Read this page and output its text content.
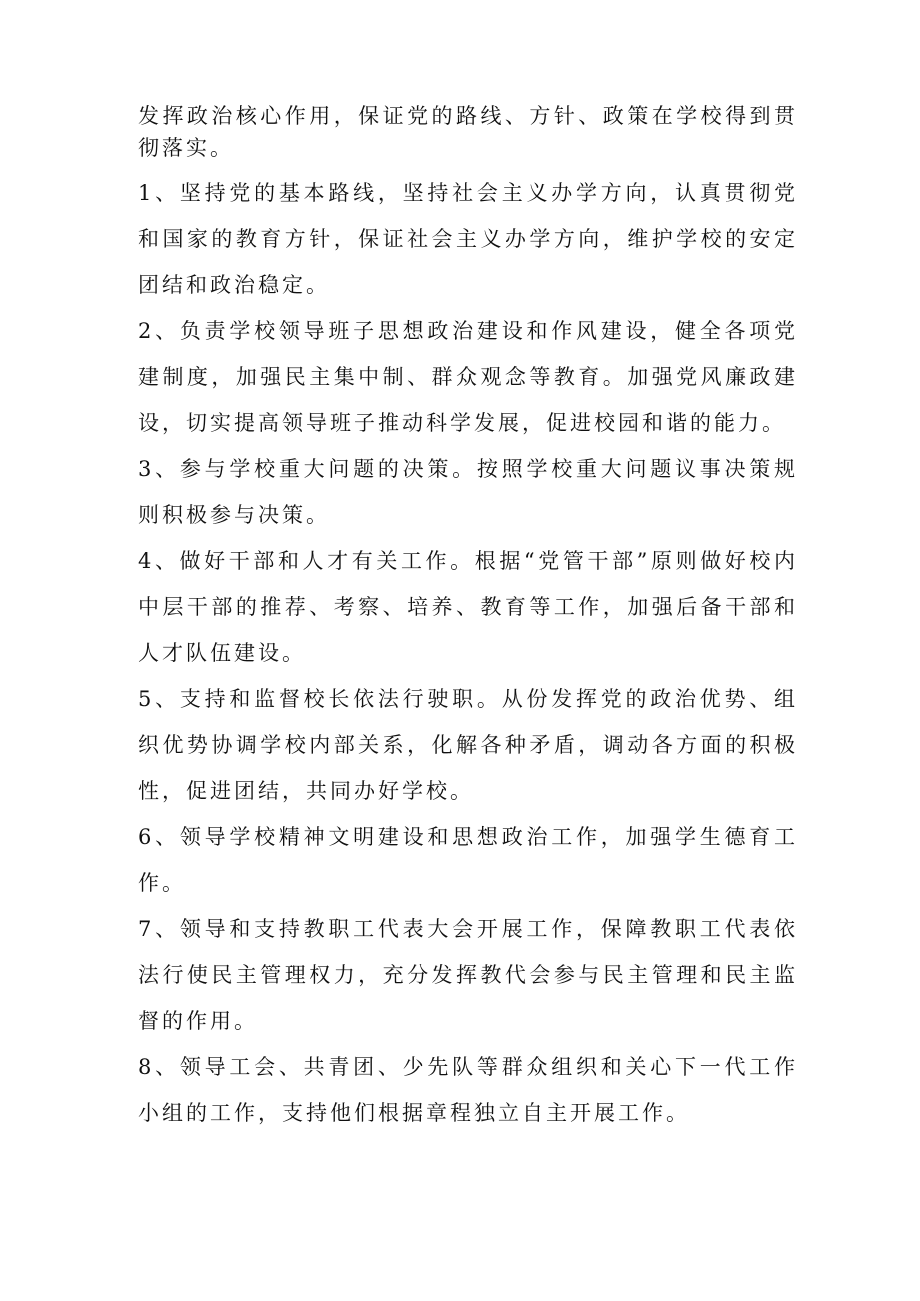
发挥政治核心作用，保证党的路线、方针、政策在学校得到贯彻落实。

1、坚持党的基本路线，坚持社会主义办学方向，认真贯彻党和国家的教育方针，保证社会主义办学方向，维护学校的安定团结和政治稳定。

2、负责学校领导班子思想政治建设和作风建设，健全各项党建制度，加强民主集中制、群众观念等教育。加强党风廉政建设，切实提高领导班子推动科学发展，促进校园和谐的能力。

3、参与学校重大问题的决策。按照学校重大问题议事决策规则积极参与决策。

4、做好干部和人才有关工作。根据“党管干部”原则做好校内中层干部的推荐、考察、培养、教育等工作，加强后备干部和人才队伍建设。

5、支持和监督校长依法行驶职。从份发挥党的政治优势、组织优势协调学校内部关系，化解各种矛盾，调动各方面的积极性，促进团结，共同办好学校。

6、领导学校精神文明建设和思想政治工作，加强学生德育工作。

7、领导和支持教职工代表大会开展工作，保障教职工代表依法行使民主管理权力，充分发挥教代会参与民主管理和民主监督的作用。

8、领导工会、共青团、少先队等群众组织和关心下一代工作小组的工作，支持他们根据章程独立自主开展工作。
